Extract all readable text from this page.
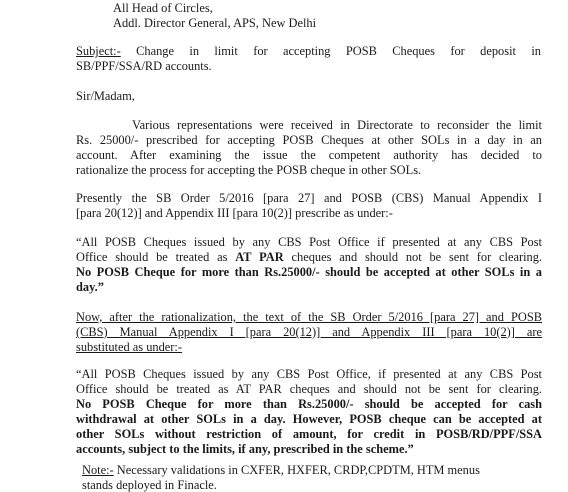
All Head of Circles,
Addl. Director General, APS, New Delhi
Subject:- Change in limit for accepting POSB Cheques for deposit in
SB/PPF/SSA/RD accounts.
Sir/Madam,
Various representations were received in Directorate to reconsider the limit
Rs. 25000/- prescribed for accepting POSB Cheques at other SOLs in a day in an
account. After examining the issue the competent authority has decided to
rationalize the process for accepting the POSB cheque in other SOLs.
Presently the SB Order 5/2016 [para 27] and POSB (CBS) Manual Appendix I
[para 20(12)] and Appendix III [para 10(2)] prescribe as under:-
“All POSB Cheques issued by any CBS Post Office if presented at any CBS Post
Office should be treated as AT PAR cheques and should not be sent for clearing.
No POSB Cheque for more than Rs.25000/- should be accepted at other SOLs in a
day.”
Now, after the rationalization, the text of the SB Order 5/2016 [para 27] and POSB
(CBS) Manual Appendix I [para 20(12)] and Appendix III [para 10(2)] are
substituted as under:-
“All POSB Cheques issued by any CBS Post Office, if presented at any CBS Post
Office should be treated as AT PAR cheques and should not be sent for clearing.
No POSB Cheque for more than Rs.25000/- should be accepted for cash
withdrawal at other SOLs in a day. However, POSB cheque can be accepted at
other SOLs without restriction of amount, for credit in POSB/RD/PPF/SSA
accounts, subject to the limits, if any, prescribed in the scheme.”
Note:- Necessary validations in CXFER, HXFER, CRDP,CPDTM, HTM menus
stands deployed in Finacle.
